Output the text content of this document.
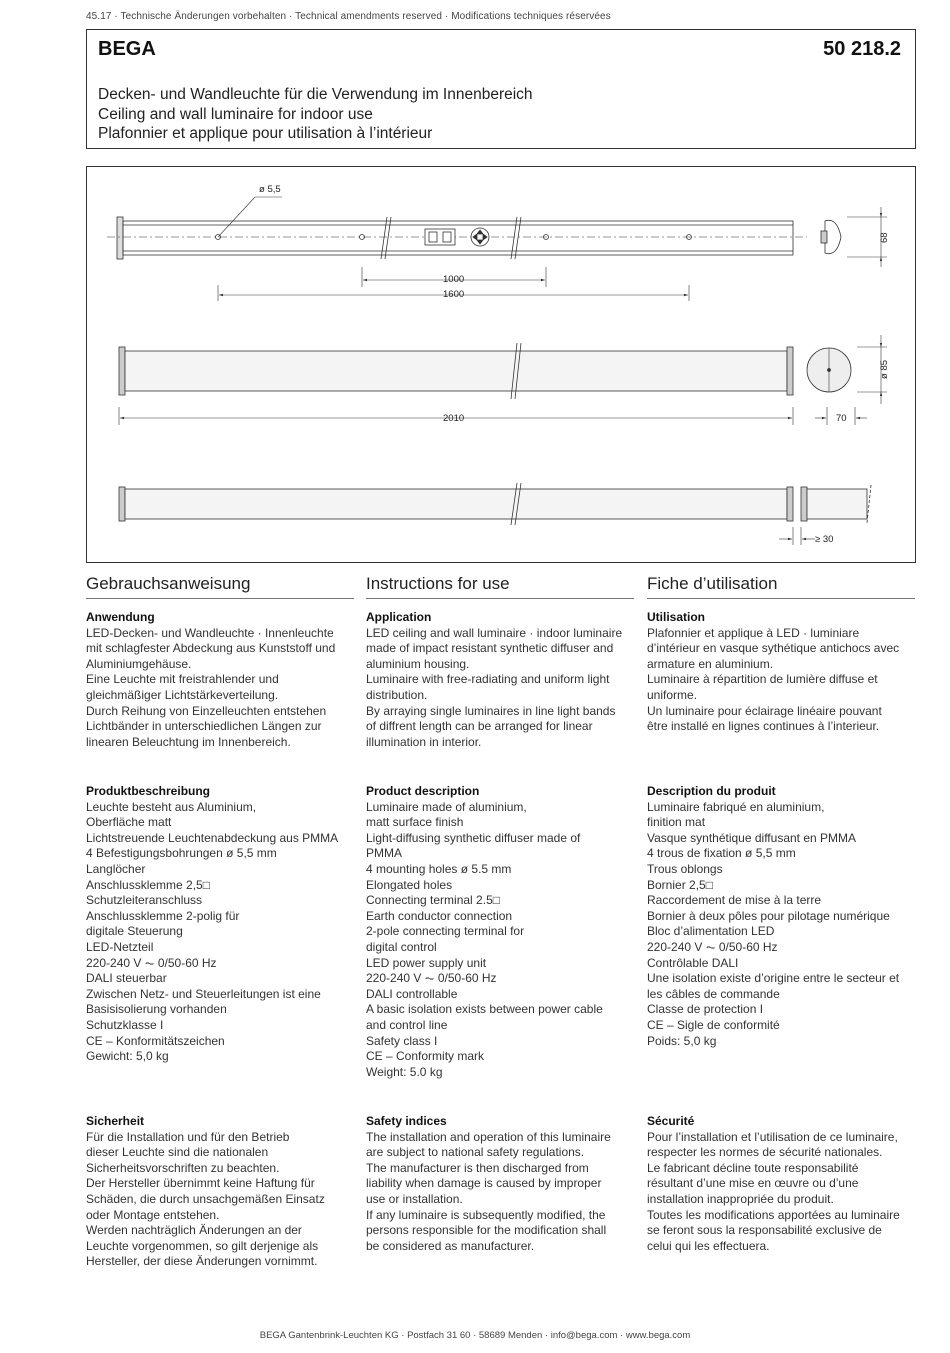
45.17 · Technische Änderungen vorbehalten · Technical amendments reserved · Modifications techniques réservées
BEGA	50 218.2
Decken- und Wandleuchte für die Verwendung im Innenbereich
Ceiling and wall luminaire for indoor use
Plafonnier et applique pour utilisation à l’intérieur
ø 5,5
1000
1600
68
ø 85
2010	70
≥ 30
Gebrauchsanweisung

Anwendung

LED-Decken- und Wandleuchte · Innenleuchte

mit schlagfester Abdeckung aus Kunststoff und

Aluminiumgehäuse.

Eine Leuchte mit freistrahlender und

gleichmäßiger Lichtstärkeverteilung.

Durch Reihung von Einzelleuchten entstehen

Lichtbänder in unterschiedlichen Längen zur

linearen Beleuchtung im Innenbereich.

Produktbeschreibung

Leuchte besteht aus Aluminium,

Oberfläche matt

Lichtstreuende Leuchtenabdeckung aus PMMA

4 Befestigungsbohrungen ø 5,5 mm

Langlöcher

Anschlussklemme 2,5□

Schutzleiteranschluss

Anschlussklemme 2-polig für

digitale Steuerung

LED-Netzteil

220-240 V ⏦ 0/50-60 Hz

DALI steuerbar

Zwischen Netz- und Steuerleitungen ist eine

Basisisolierung vorhanden

Schutzklasse I

CE – Konformitätszeichen

Gewicht: 5,0 kg

Sicherheit

Für die Installation und für den Betrieb

dieser Leuchte sind die nationalen

Sicherheitsvorschriften zu beachten.

Der Hersteller übernimmt keine Haftung für

Schäden, die durch unsachgemäßen Einsatz

oder Montage entstehen.

Werden nachträglich Änderungen an der

Leuchte vorgenommen, so gilt derjenige als

Hersteller, der diese Änderungen vornimmt.

Instructions for use

Application

LED ceiling and wall luminaire · indoor luminaire

made of impact resistant synthetic diffuser and

aluminium housing.

Luminaire with free-radiating and uniform light

distribution.

By arraying single luminaires in line light bands

of diffrent length can be arranged for linear

illumination in interior.

Product description

Luminaire made of aluminium,

matt surface finish

Light-diffusing synthetic diffuser made of

PMMA

4 mounting holes ø 5.5 mm

Elongated holes

Connecting terminal 2.5□

Earth conductor connection

2-pole connecting terminal for

digital control

LED power supply unit

220-240 V ⏦ 0/50-60 Hz

DALI controllable

A basic isolation exists between power cable

and control line

Safety class I

CE – Conformity mark

Weight: 5.0 kg

Safety indices

The installation and operation of this luminaire

are subject to national safety regulations.

The manufacturer is then discharged from

liability when damage is caused by improper

use or installation.

If any luminaire is subsequently modified, the

persons responsible for the modification shall

be considered as manufacturer.

Fiche d’utilisation

Utilisation

Plafonnier et applique à LED · luminiare

d’intérieur en vasque sythétique antichocs avec

armature en aluminium.

Luminaire à répartition de lumière diffuse et

uniforme.

Un luminaire pour éclairage linéaire pouvant

être installé en lignes continues à l’interieur.

Description du produit

Luminaire fabriqué en aluminium,

finition mat

Vasque synthétique diffusant en PMMA

4 trous de fixation ø 5,5 mm

Trous oblongs

Bornier 2,5□

Raccordement de mise à la terre

Bornier à deux pôles pour pilotage numérique

Bloc d’alimentation LED

220-240 V ⏦ 0/50-60 Hz

Contrôlable DALI

Une isolation existe d’origine entre le secteur et

les câbles de commande

Classe de protection I

CE – Sigle de conformité

Poids: 5,0 kg

Sécurité

Pour l’installation et l’utilisation de ce luminaire,

respecter les normes de sécurité nationales.

Le fabricant décline toute responsabilité

résultant d’une mise en œuvre ou d’une

installation inappropriée du produit.

Toutes les modifications apportées au luminaire

se feront sous la responsabilité exclusive de

celui qui les effectuera.

BEGA Gantenbrink-Leuchten KG · Postfach 31 60 · 58689 Menden · info@bega.com · www.bega.com
